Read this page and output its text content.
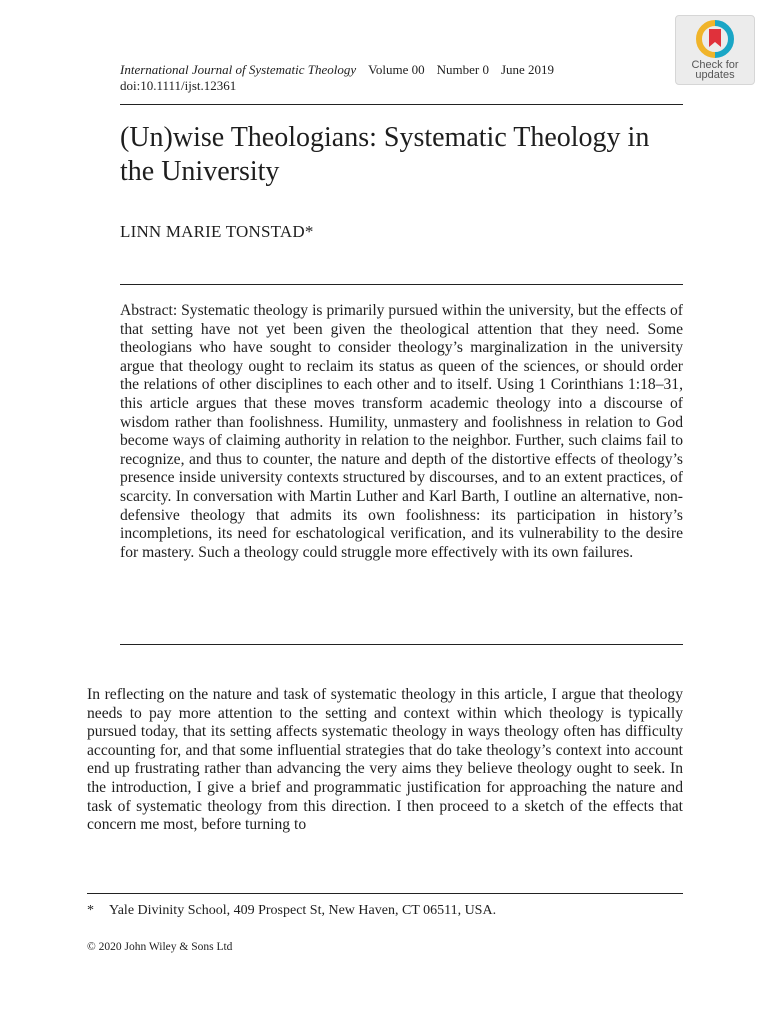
International Journal of Systematic Theology Volume 00 Number 0 June 2019
doi:10.1111/ijst.12361
Check for
updates
(Un)wise Theologians: Systematic Theology in the University
LINN MARIE TONSTAD*

Abstract: Systematic theology is primarily pursued within the university, but the effects of that setting have not yet been given the theological attention that they need. Some theologians who have sought to consider theology’s marginalization in the university argue that theology ought to reclaim its status as queen of the sciences, or should order the relations of other disciplines to each other and to itself. Using 1 Corinthians 1:18–31, this article argues that these moves transform academic theology into a discourse of wisdom rather than foolishness. Humility, unmastery and foolishness in relation to God become ways of claiming authority in relation to the neighbor. Further, such claims fail to recognize, and thus to counter, the nature and depth of the distortive effects of theology’s presence inside university contexts structured by discourses, and to an extent practices, of scarcity. In conversation with Martin Luther and Karl Barth, I outline an alternative, non-defensive theology that admits its own foolishness: its participation in history’s incompletions, its need for eschatological verification, and its vulnerability to the desire for mastery. Such a theology could struggle more effectively with its own failures.

In reflecting on the nature and task of systematic theology in this article, I argue that theology needs to pay more attention to the setting and context within which theology is typically pursued today, that its setting affects systematic theology in ways theology often has difficulty accounting for, and that some influential strategies that do take theology’s context into account end up frustrating rather than advancing the very aims they believe theology ought to seek. In the introduction, I give a brief and programmatic justification for approaching the nature and task of systematic theology from this direction. I then proceed to a sketch of the effects that concern me most, before turning to

* Yale Divinity School, 409 Prospect St, New Haven, CT 06511, USA.
© 2020 John Wiley & Sons Ltd
